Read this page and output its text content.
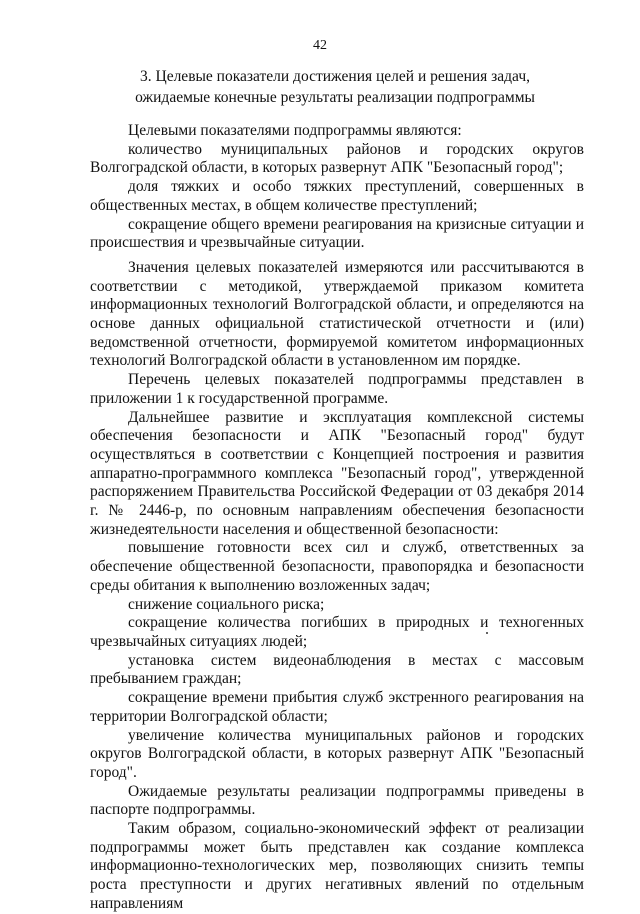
42
3. Целевые показатели достижения целей и решения задач,
ожидаемые конечные результаты реализации подпрограммы

Целевыми показателями подпрограммы являются:

количество муниципальных районов и городских округов Волгоградской области, в которых развернут АПК "Безопасный город";

доля тяжких и особо тяжких преступлений, совершенных в общественных местах, в общем количестве преступлений;

сокращение общего времени реагирования на кризисные ситуации и происшествия и чрезвычайные ситуации.

Значения целевых показателей измеряются или рассчитываются в соответствии с методикой, утверждаемой приказом комитета информационных технологий Волгоградской области, и определяются на основе данных официальной статистической отчетности и (или) ведомственной отчетности, формируемой комитетом информационных технологий Волгоградской области в установленном им порядке.

Перечень целевых показателей подпрограммы представлен в приложении 1 к государственной программе.

Дальнейшее развитие и эксплуатация комплексной системы обеспечения безопасности и АПК "Безопасный город" будут осуществляться в соответствии с Концепцией построения и развития аппаратно-программного комплекса "Безопасный город", утвержденной распоряжением Правительства Российской Федерации от 03 декабря 2014 г. № 2446-р, по основным направлениям обеспечения безопасности жизнедеятельности населения и общественной безопасности:

повышение готовности всех сил и служб, ответственных за обеспечение общественной безопасности, правопорядка и безопасности среды обитания к выполнению возложенных задач;

снижение социального риска;

сокращение количества погибших в природных и техногенных чрезвычайных ситуациях людей;

установка систем видеонаблюдения в местах с массовым пребыванием граждан;

сокращение времени прибытия служб экстренного реагирования на территории Волгоградской области;

увеличение количества муниципальных районов и городских округов Волгоградской области, в которых развернут АПК "Безопасный город".

Ожидаемые результаты реализации подпрограммы приведены в паспорте подпрограммы.

Таким образом, социально-экономический эффект от реализации подпрограммы может быть представлен как создание комплекса информационно-технологических мер, позволяющих снизить темпы роста преступности и других негативных явлений по отдельным направлениям
